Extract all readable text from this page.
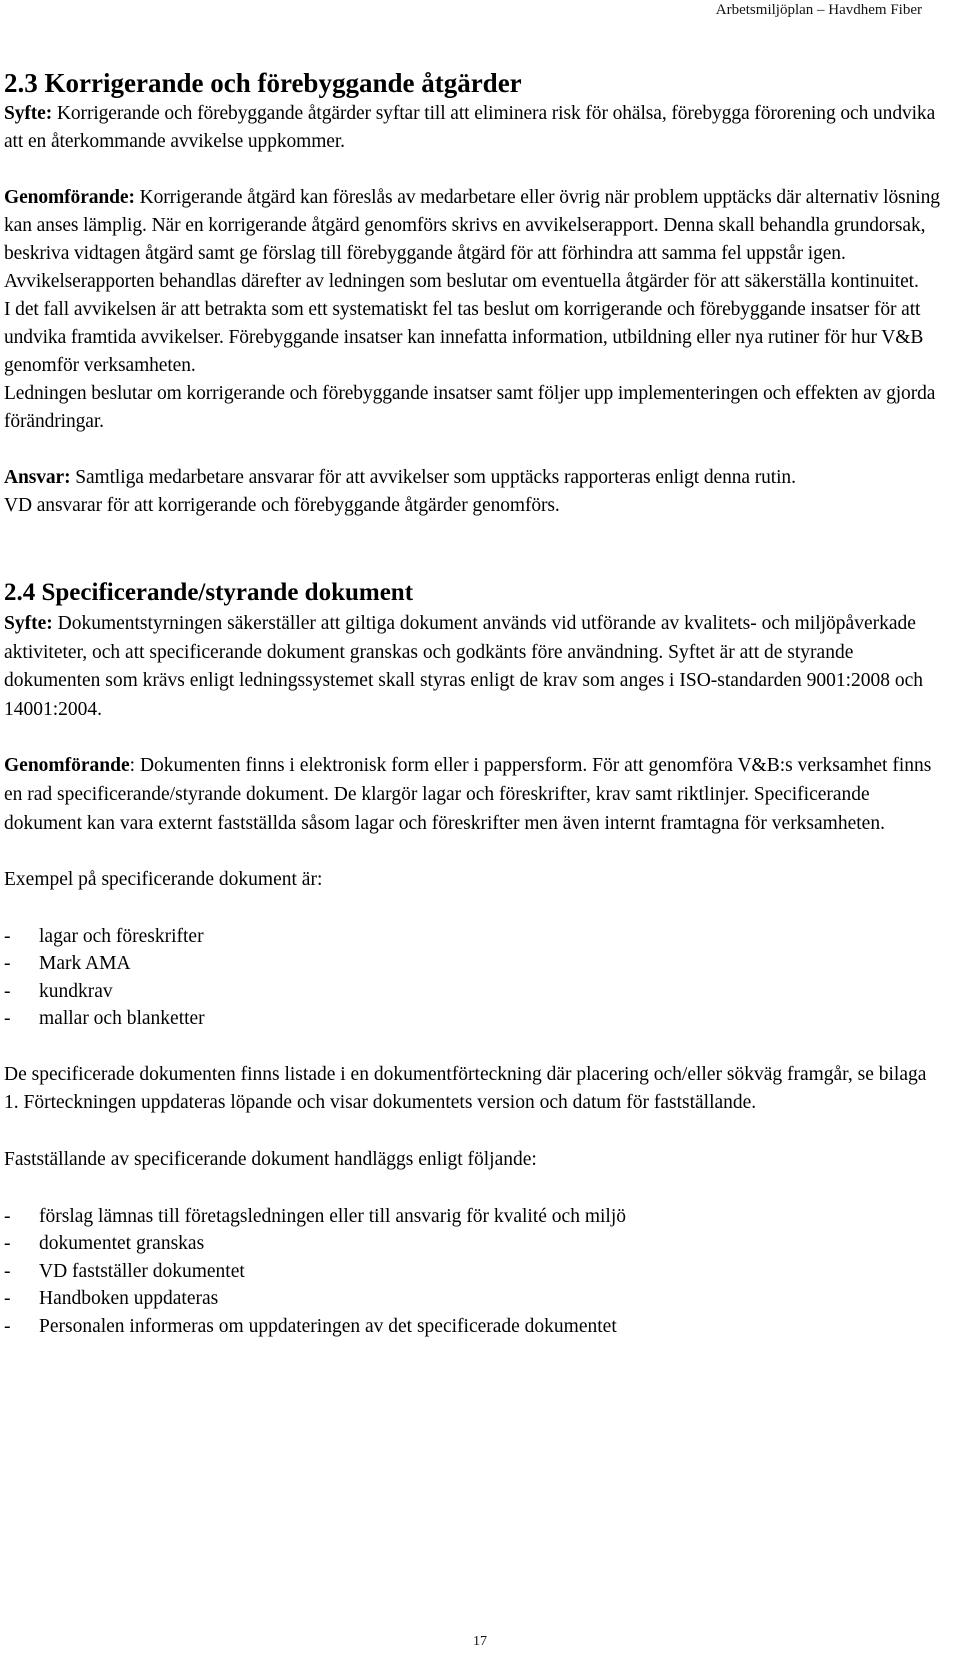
Arbetsmiljöplan – Havdhem Fiber
2.3 Korrigerande och förebyggande åtgärder

Syfte: Korrigerande och förebyggande åtgärder syftar till att eliminera risk för ohälsa, förebygga förorening och undvika att en återkommande avvikelse uppkommer.

Genomförande: Korrigerande åtgärd kan föreslås av medarbetare eller övrig när problem upptäcks där alternativ lösning kan anses lämplig. När en korrigerande åtgärd genomförs skrivs en avvikelserapport. Denna skall behandla grundorsak, beskriva vidtagen åtgärd samt ge förslag till förebyggande åtgärd för att förhindra att samma fel uppstår igen.

Avvikelserapporten behandlas därefter av ledningen som beslutar om eventuella åtgärder för att säkerställa kontinuitet.

I det fall avvikelsen är att betrakta som ett systematiskt fel tas beslut om korrigerande och förebyggande insatser för att undvika framtida avvikelser. Förebyggande insatser kan innefatta information, utbildning eller nya rutiner för hur V&B genomför verksamheten.

Ledningen beslutar om korrigerande och förebyggande insatser samt följer upp implementeringen och effekten av gjorda förändringar.

Ansvar: Samtliga medarbetare ansvarar för att avvikelser som upptäcks rapporteras enligt denna rutin.

VD ansvarar för att korrigerande och förebyggande åtgärder genomförs.

2.4 Specificerande/styrande dokument

Syfte: Dokumentstyrningen säkerställer att giltiga dokument används vid utförande av kvalitets- och miljöpåverkade aktiviteter, och att specificerande dokument granskas och godkänts före användning. Syftet är att de styrande dokumenten som krävs enligt ledningssystemet skall styras enligt de krav som anges i ISO-standarden 9001:2008 och 14001:2004.

Genomförande: Dokumenten finns i elektronisk form eller i pappersform. För att genomföra V&B:s verksamhet finns en rad specificerande/styrande dokument. De klargör lagar och föreskrifter, krav samt riktlinjer. Specificerande dokument kan vara externt fastställda såsom lagar och föreskrifter men även internt framtagna för verksamheten.

Exempel på specificerande dokument är:

- lagar och föreskrifter
- Mark AMA
- kundkrav
- mallar och blanketter

De specificerade dokumenten finns listade i en dokumentförteckning där placering och/eller sökväg framgår, se bilaga 1. Förteckningen uppdateras löpande och visar dokumentets version och datum för fastställande.

Fastställande av specificerande dokument handläggs enligt följande:

- förslag lämnas till företagsledningen eller till ansvarig för kvalité och miljö
- dokumentet granskas
- VD fastställer dokumentet
- Handboken uppdateras
- Personalen informeras om uppdateringen av det specificerade dokumentet
17
